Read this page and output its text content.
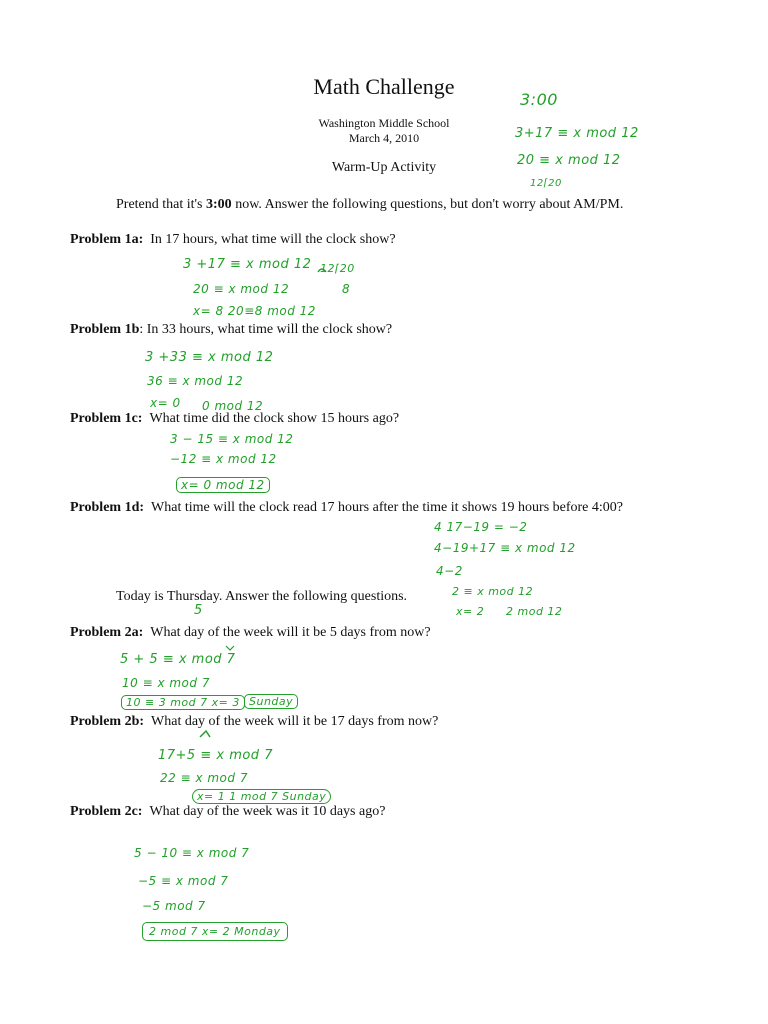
Math Challenge
Washington Middle School
March 4, 2010
Warm-Up Activity
Pretend that it's 3:00 now. Answer the following questions, but don't worry about AM/PM.
Problem 1a: In 17 hours, what time will the clock show?
Problem 1b: In 33 hours, what time will the clock show?
Problem 1c: What time did the clock show 15 hours ago?
Problem 1d: What time will the clock read 17 hours after the time it shows 19 hours before 4:00?
Today is Thursday. Answer the following questions.
Problem 2a: What day of the week will it be 5 days from now?
Problem 2b: What day of the week will it be 17 days from now?
Problem 2c: What day of the week was it 10 days ago?
3:00
3+17 ≡ x mod 12
20 ≡ x mod 12
12⌈20
3 +17 ≡ x mod 12
20 ≡ x mod 12
x= 8 20≡8 mod 12
12⌈20
8
3 +33 ≡ x mod 12
36 ≡ x mod 12
x= 0 0 mod 12
3 − 15 ≡ x mod 12
−12 ≡ x mod 12
x= 0 mod 12
4 17−19 = −2
4−19+17 ≡ x mod 12
4−2
2 ≡ x mod 12
x= 2 2 mod 12
5
5 + 5 ≡ x mod 7
10 ≡ x mod 7
10 ≡ 3 mod 7 x= 3 Sunday
17+5 ≡ x mod 7
22 ≡ x mod 7
x= 1 1 mod 7 Sunday
5 − 10 ≡ x mod 7
−5 ≡ x mod 7
−5 mod 7
2 mod 7 x= 2 Monday
